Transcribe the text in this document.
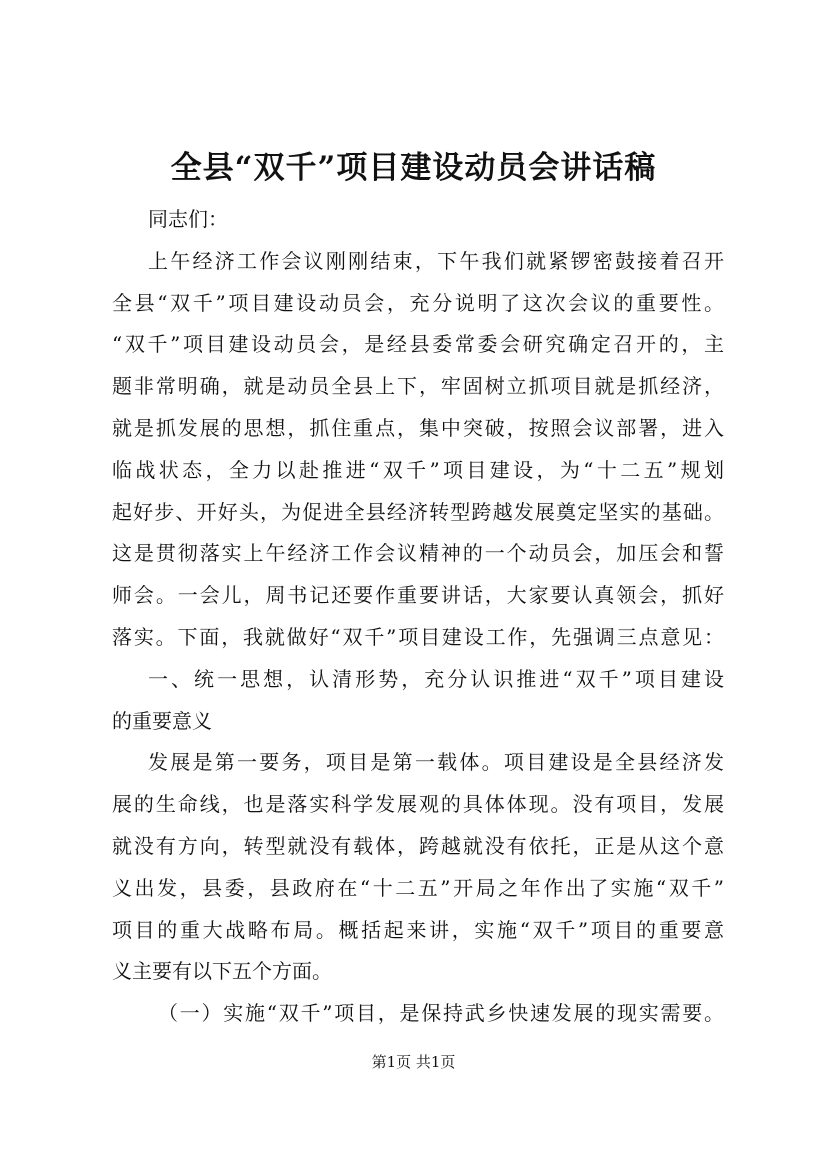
全县“双千”项目建设动员会讲话稿
同志们：
上午经济工作会议刚刚结束，下午我们就紧锣密鼓接着召开
全县“双千”项目建设动员会，充分说明了这次会议的重要性。
“双千”项目建设动员会，是经县委常委会研究确定召开的，主
题非常明确，就是动员全县上下，牢固树立抓项目就是抓经济，
就是抓发展的思想，抓住重点，集中突破，按照会议部署，进入
临战状态，全力以赴推进“双千”项目建设，为“十二五”规划
起好步、开好头，为促进全县经济转型跨越发展奠定坚实的基础。
这是贯彻落实上午经济工作会议精神的一个动员会，加压会和誓
师会。一会儿，周书记还要作重要讲话，大家要认真领会，抓好
落实。下面，我就做好“双千”项目建设工作，先强调三点意见：
一、统一思想，认清形势，充分认识推进“双千”项目建设
的重要意义
发展是第一要务，项目是第一载体。项目建设是全县经济发
展的生命线，也是落实科学发展观的具体体现。没有项目，发展
就没有方向，转型就没有载体，跨越就没有依托，正是从这个意
义出发，县委，县政府在“十二五”开局之年作出了实施“双千”
项目的重大战略布局。概括起来讲，实施“双千”项目的重要意
义主要有以下五个方面。
（一）实施“双千”项目，是保持武乡快速发展的现实需要。
第1页 共1页
